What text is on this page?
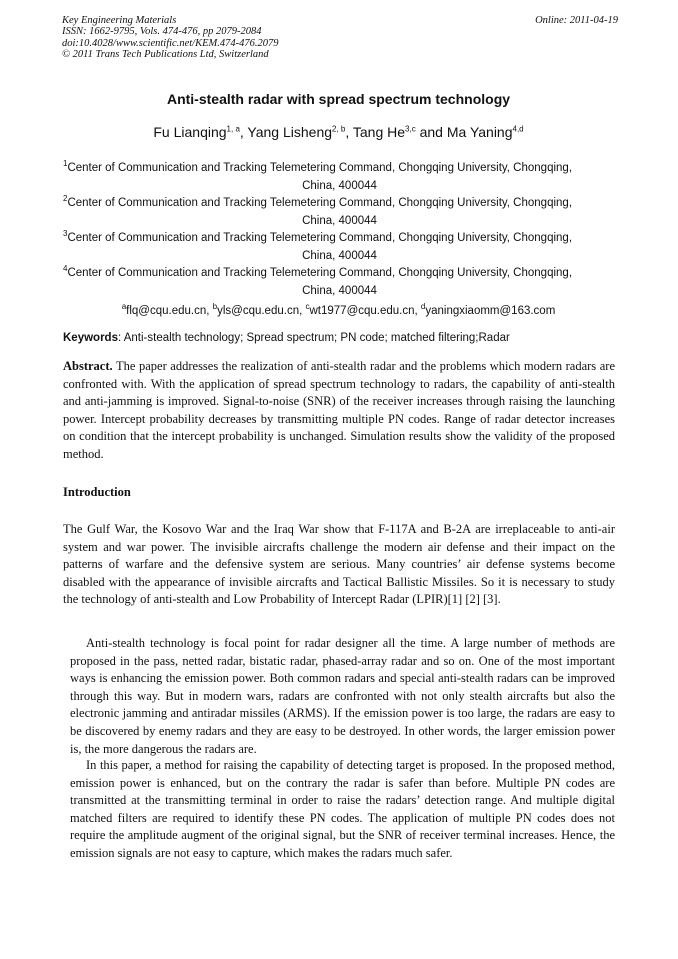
Key Engineering Materials
ISSN: 1662-9795, Vols. 474-476, pp 2079-2084
doi:10.4028/www.scientific.net/KEM.474-476.2079
© 2011 Trans Tech Publications Ltd, Switzerland
Online: 2011-04-19
Anti-stealth radar with spread spectrum technology
Fu Lianqing$^{1, a}$, Yang Lisheng$^{2, b}$, Tang He$^{3,c}$ and Ma Yaning$^{4,d}$
$^1$Center of Communication and Tracking Telemetering Command, Chongqing University, Chongqing,
China, 400044
$^2$Center of Communication and Tracking Telemetering Command, Chongqing University, Chongqing,
China, 400044
$^3$Center of Communication and Tracking Telemetering Command, Chongqing University, Chongqing,
China, 400044
$^4$Center of Communication and Tracking Telemetering Command, Chongqing University, Chongqing,
China, 400044
$^a$flq@cqu.edu.cn, $^b$yls@cqu.edu.cn, $^c$wt1977@cqu.edu.cn, $^d$yaningxiaomm@163.com
Keywords: Anti-stealth technology; Spread spectrum; PN code; matched filtering;Radar
Abstract. The paper addresses the realization of anti-stealth radar and the problems which modern radars are confronted with. With the application of spread spectrum technology to radars, the capability of anti-stealth and anti-jamming is improved. Signal-to-noise (SNR) of the receiver increases through raising the launching power. Intercept probability decreases by transmitting multiple PN codes. Range of radar detector increases on condition that the intercept probability is unchanged. Simulation results show the validity of the proposed method.
Introduction
The Gulf War, the Kosovo War and the Iraq War show that F-117A and B-2A are irreplaceable to anti-air system and war power. The invisible aircrafts challenge the modern air defense and their impact on the patterns of warfare and the defensive system are serious. Many countries’ air defense systems become disabled with the appearance of invisible aircrafts and Tactical Ballistic Missiles. So it is necessary to study the technology of anti-stealth and Low Probability of Intercept Radar (LPIR)[1] [2] [3].
Anti-stealth technology is focal point for radar designer all the time. A large number of methods are proposed in the pass, netted radar, bistatic radar, phased-array radar and so on. One of the most important ways is enhancing the emission power. Both common radars and special anti-stealth radars can be improved through this way. But in modern wars, radars are confronted with not only stealth aircrafts but also the electronic jamming and antiradar missiles (ARMS). If the emission power is too large, the radars are easy to be discovered by enemy radars and they are easy to be destroyed. In other words, the larger emission power is, the more dangerous the radars are.
In this paper, a method for raising the capability of detecting target is proposed. In the proposed method, emission power is enhanced, but on the contrary the radar is safer than before. Multiple PN codes are transmitted at the transmitting terminal in order to raise the radars’ detection range. And multiple digital matched filters are required to identify these PN codes. The application of multiple PN codes does not require the amplitude augment of the original signal, but the SNR of receiver terminal increases. Hence, the emission signals are not easy to capture, which makes the radars much safer.
